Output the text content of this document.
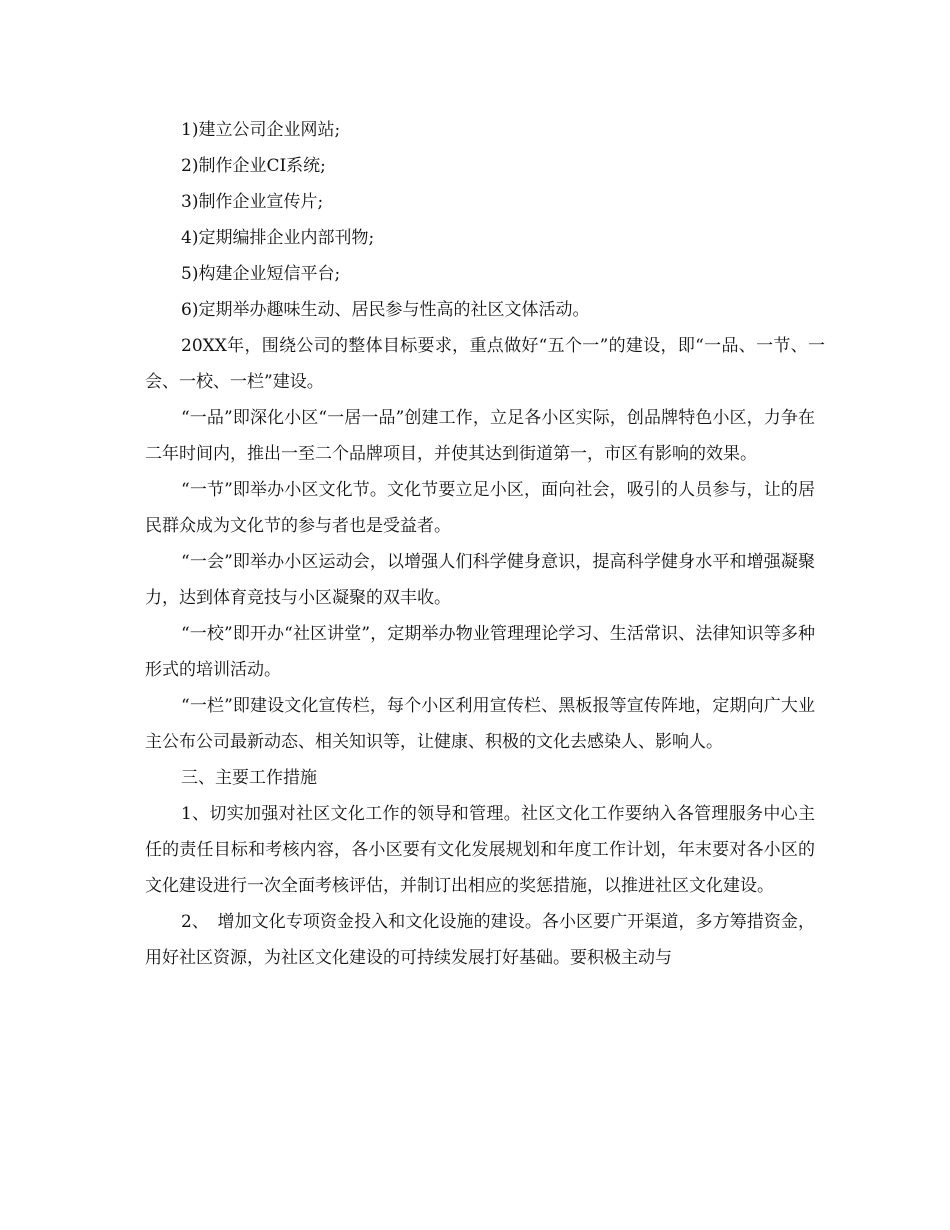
1)建立公司企业网站;

2)制作企业CI系统;

3)制作企业宣传片;

4)定期编排企业内部刊物;

5)构建企业短信平台;

6)定期举办趣味生动、居民参与性高的社区文体活动。

20XX年，围绕公司的整体目标要求，重点做好“五个一”的建设，即“一品、一节、一会、一校、一栏”建设。

“一品”即深化小区“一居一品”创建工作，立足各小区实际，创品牌特色小区，力争在二年时间内，推出一至二个品牌项目，并使其达到街道第一，市区有影响的效果。

“一节”即举办小区文化节。文化节要立足小区，面向社会，吸引的人员参与，让的居民群众成为文化节的参与者也是受益者。

“一会”即举办小区运动会，以增强人们科学健身意识，提高科学健身水平和增强凝聚力，达到体育竞技与小区凝聚的双丰收。

“一校”即开办“社区讲堂”，定期举办物业管理理论学习、生活常识、法律知识等多种形式的培训活动。

“一栏”即建设文化宣传栏，每个小区利用宣传栏、黑板报等宣传阵地，定期向广大业主公布公司最新动态、相关知识等，让健康、积极的文化去感染人、影响人。

三、主要工作措施

1、切实加强对社区文化工作的领导和管理。社区文化工作要纳入各管理服务中心主任的责任目标和考核内容，各小区要有文化发展规划和年度工作计划，年末要对各小区的文化建设进行一次全面考核评估，并制订出相应的奖惩措施，以推进社区文化建设。

2、　增加文化专项资金投入和文化设施的建设。各小区要广开渠道，多方筹措资金，用好社区资源，为社区文化建设的可持续发展打好基础。要积极主动与
